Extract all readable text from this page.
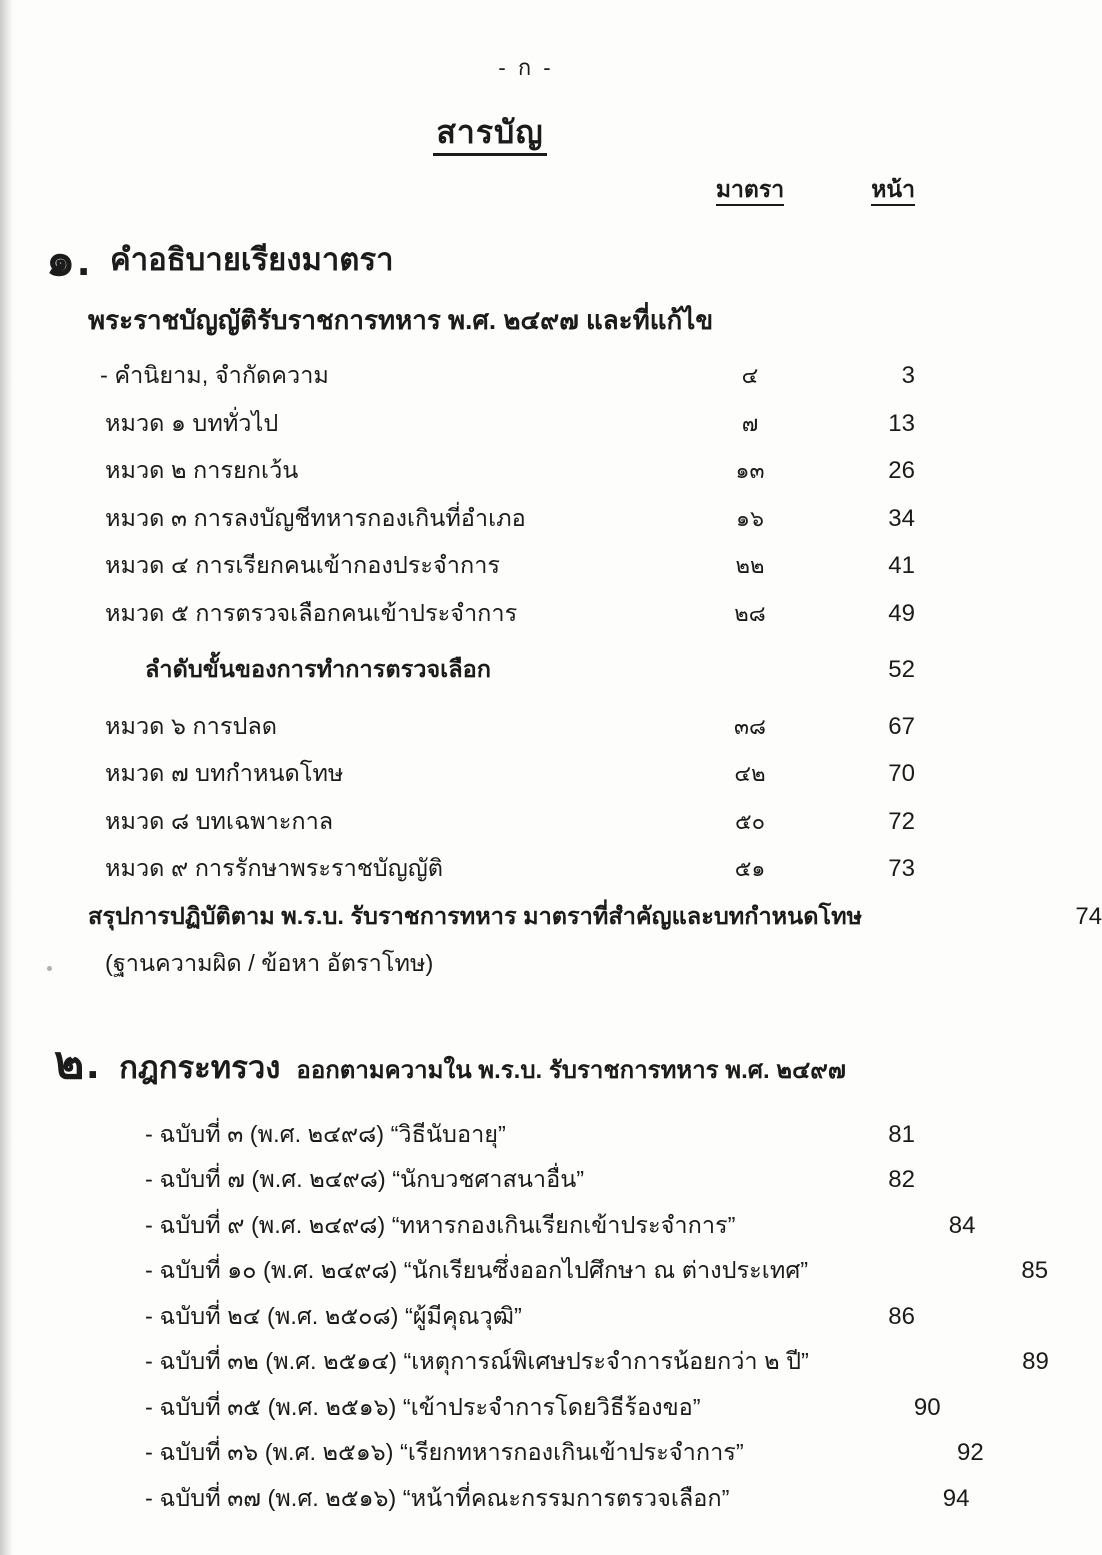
- ก -
สารบัญ
มาตรา	หน้า
๑. คำอธิบายเรียงมาตรา
พระราชบัญญัติรับราชการทหาร พ.ศ. ๒๔๙๗ และที่แก้ไข
- คำนิยาม, จำกัดความ	๔	3
หมวด ๑ บททั่วไป	๗	13
หมวด ๒ การยกเว้น	๑๓	26
หมวด ๓ การลงบัญชีทหารกองเกินที่อำเภอ	๑๖	34
หมวด ๔ การเรียกคนเข้ากองประจำการ	๒๒	41
หมวด ๕ การตรวจเลือกคนเข้าประจำการ	๒๘	49
ลำดับขั้นของการทำการตรวจเลือก	52
หมวด ๖ การปลด	๓๘	67
หมวด ๗ บทกำหนดโทษ	๔๒	70
หมวด ๘ บทเฉพาะกาล	๕๐	72
หมวด ๙ การรักษาพระราชบัญญัติ	๕๑	73
สรุปการปฏิบัติตาม พ.ร.บ. รับราชการทหาร มาตราที่สำคัญและบทกำหนดโทษ	74
(ฐานความผิด / ข้อหา อัตราโทษ)
๒. กฎกระทรวง ออกตามความใน พ.ร.บ. รับราชการทหาร พ.ศ. ๒๔๙๗
- ฉบับที่ ๓ (พ.ศ. ๒๔๙๘) “วิธีนับอายุ”	81
- ฉบับที่ ๗ (พ.ศ. ๒๔๙๘) “นักบวชศาสนาอื่น”	82
- ฉบับที่ ๙ (พ.ศ. ๒๔๙๘) “ทหารกองเกินเรียกเข้าประจำการ”	84
- ฉบับที่ ๑๐ (พ.ศ. ๒๔๙๘) “นักเรียนซึ่งออกไปศึกษา ณ ต่างประเทศ”	85
- ฉบับที่ ๒๔ (พ.ศ. ๒๕๐๘) “ผู้มีคุณวุฒิ”	86
- ฉบับที่ ๓๒ (พ.ศ. ๒๕๑๔) “เหตุการณ์พิเศษประจำการน้อยกว่า ๒ ปี”	89
- ฉบับที่ ๓๕ (พ.ศ. ๒๕๑๖) “เข้าประจำการโดยวิธีร้องขอ”	90
- ฉบับที่ ๓๖ (พ.ศ. ๒๕๑๖) “เรียกทหารกองเกินเข้าประจำการ”	92
- ฉบับที่ ๓๗ (พ.ศ. ๒๕๑๖) “หน้าที่คณะกรรมการตรวจเลือก”	94
